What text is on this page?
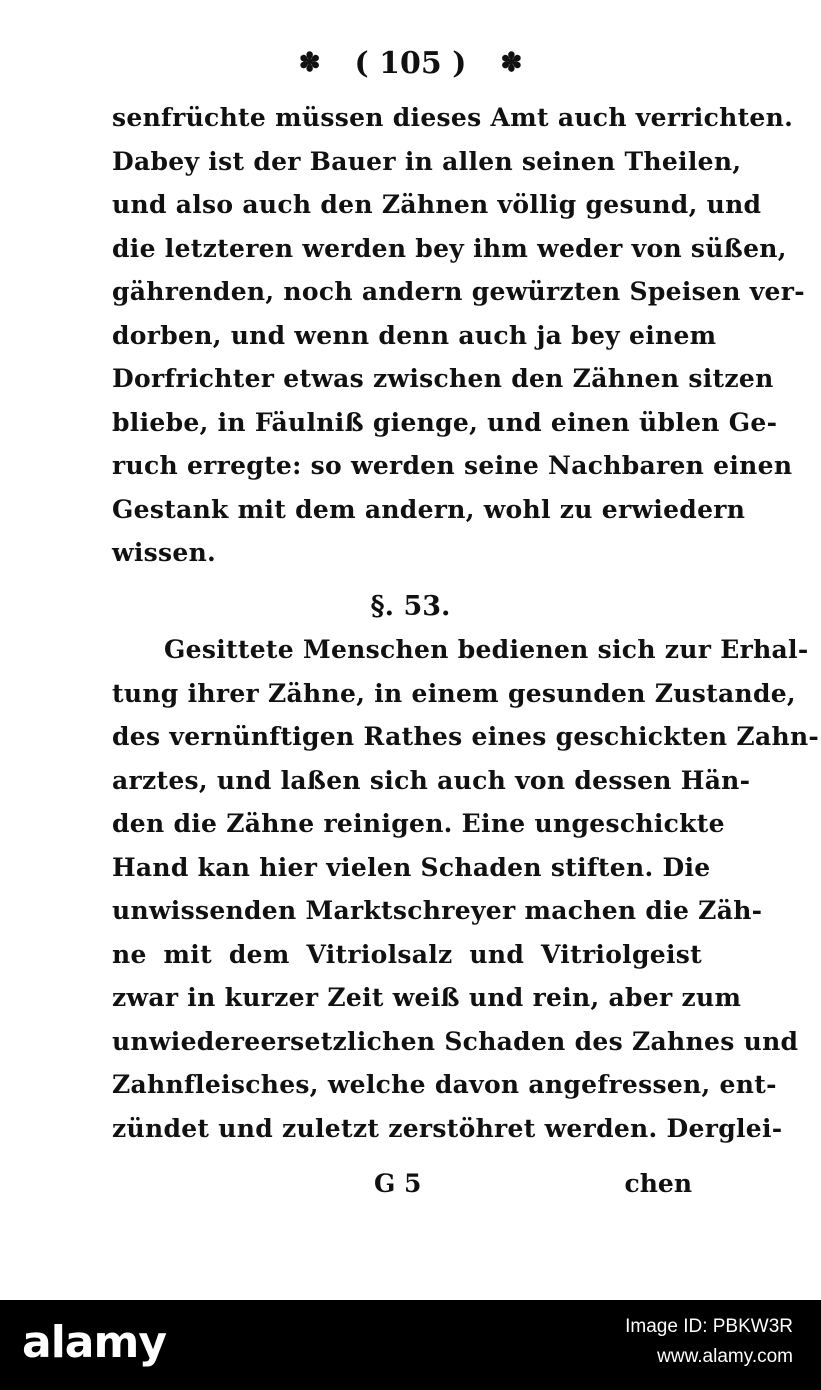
✽ ( 105 ) ✽
senfrüchte müssen dieses Amt auch verrichten.
Dabey ist der Bauer in allen seinen Theilen,
und also auch den Zähnen völlig gesund, und
die letzteren werden bey ihm weder von süßen,
gährenden, noch andern gewürzten Speisen ver-
dorben, und wenn denn auch ja bey einem
Dorfrichter etwas zwischen den Zähnen sitzen
bliebe, in Fäulniß gienge, und einen üblen Ge-
ruch erregte: so werden seine Nachbaren einen
Gestank mit dem andern, wohl zu erwiedern
wissen.
§. 53.
Gesittete Menschen bedienen sich zur Erhal-
tung ihrer Zähne, in einem gesunden Zustande,
des vernünftigen Rathes eines geschickten Zahn-
arztes, und laßen sich auch von dessen Hän-
den die Zähne reinigen. Eine ungeschickte
Hand kan hier vielen Schaden stiften. Die
unwissenden Marktschreyer machen die Zäh-
ne mit dem Vitriolsalz und Vitriolgeist
zwar in kurzer Zeit weiß und rein, aber zum
unwiedereersetzlichen Schaden des Zahnes und
Zahnfleisches, welche davon angefressen, ent-
zündet und zuletzt zerstöhret werden. Derglei-
G 5	chen
alamy	Image ID: PBKW3R
www.alamy.com
